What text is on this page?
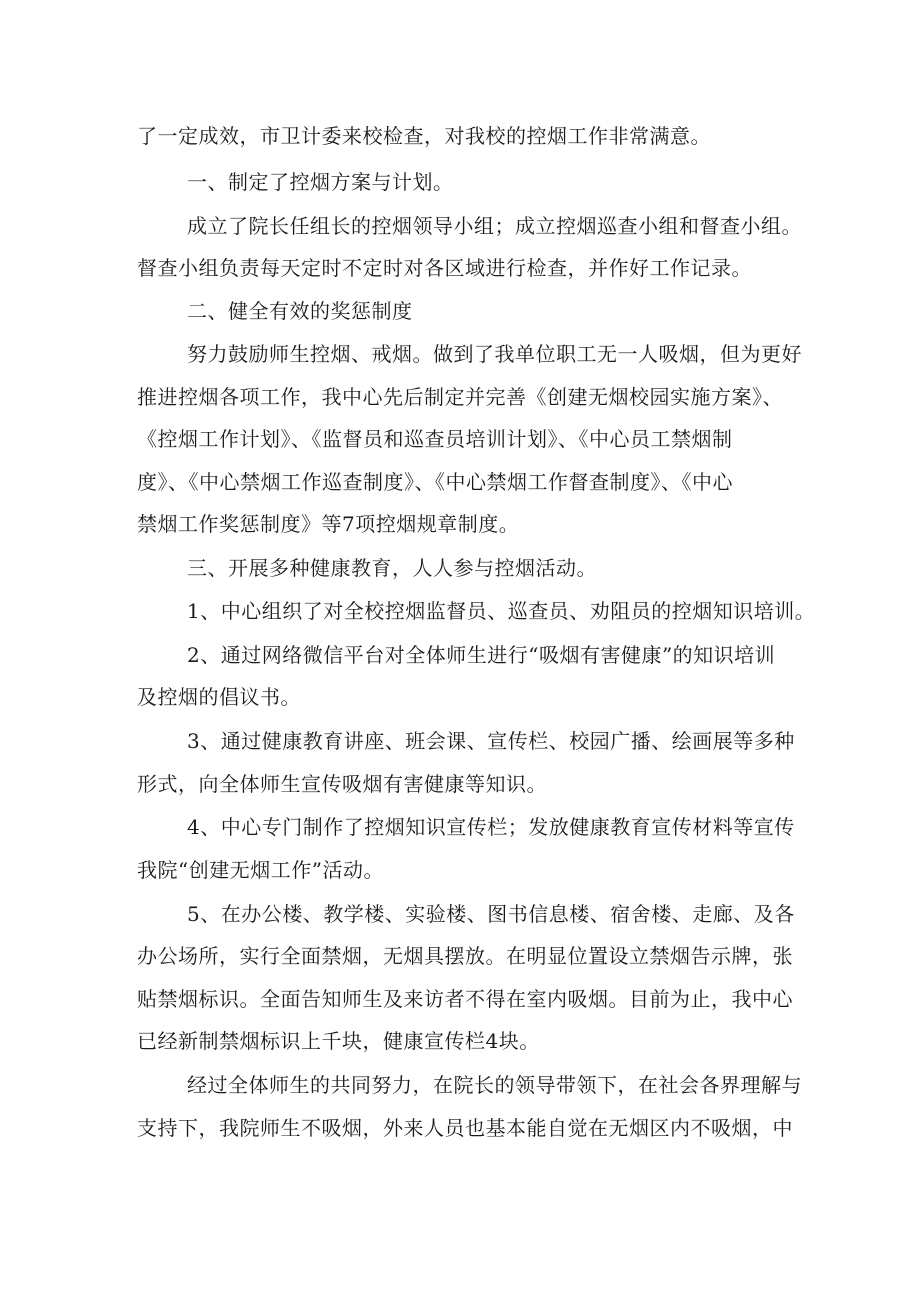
了一定成效，市卫计委来校检查，对我校的控烟工作非常满意。
一、制定了控烟方案与计划。
成立了院长任组长的控烟领导小组；成立控烟巡查小组和督查小组。
督查小组负责每天定时不定时对各区域进行检查，并作好工作记录。
二、健全有效的奖惩制度
努力鼓励师生控烟、戒烟。做到了我单位职工无一人吸烟，但为更好
推进控烟各项工作，我中心先后制定并完善《创建无烟校园实施方案》、
《控烟工作计划》、《监督员和巡查员培训计划》、《中心员工禁烟制
度》、《中心禁烟工作巡查制度》、《中心禁烟工作督查制度》、《中心
禁烟工作奖惩制度》等7项控烟规章制度。
三、开展多种健康教育，人人参与控烟活动。
1、中心组织了对全校控烟监督员、巡查员、劝阻员的控烟知识培训。
2、通过网络微信平台对全体师生进行“吸烟有害健康”的知识培训
及控烟的倡议书。
3、通过健康教育讲座、班会课、宣传栏、校园广播、绘画展等多种
形式，向全体师生宣传吸烟有害健康等知识。
4、中心专门制作了控烟知识宣传栏；发放健康教育宣传材料等宣传
我院“创建无烟工作”活动。
5、在办公楼、教学楼、实验楼、图书信息楼、宿舍楼、走廊、及各
办公场所，实行全面禁烟，无烟具摆放。在明显位置设立禁烟告示牌，张
贴禁烟标识。全面告知师生及来访者不得在室内吸烟。目前为止，我中心
已经新制禁烟标识上千块，健康宣传栏4块。
经过全体师生的共同努力，在院长的领导带领下，在社会各界理解与
支持下，我院师生不吸烟，外来人员也基本能自觉在无烟区内不吸烟，中
